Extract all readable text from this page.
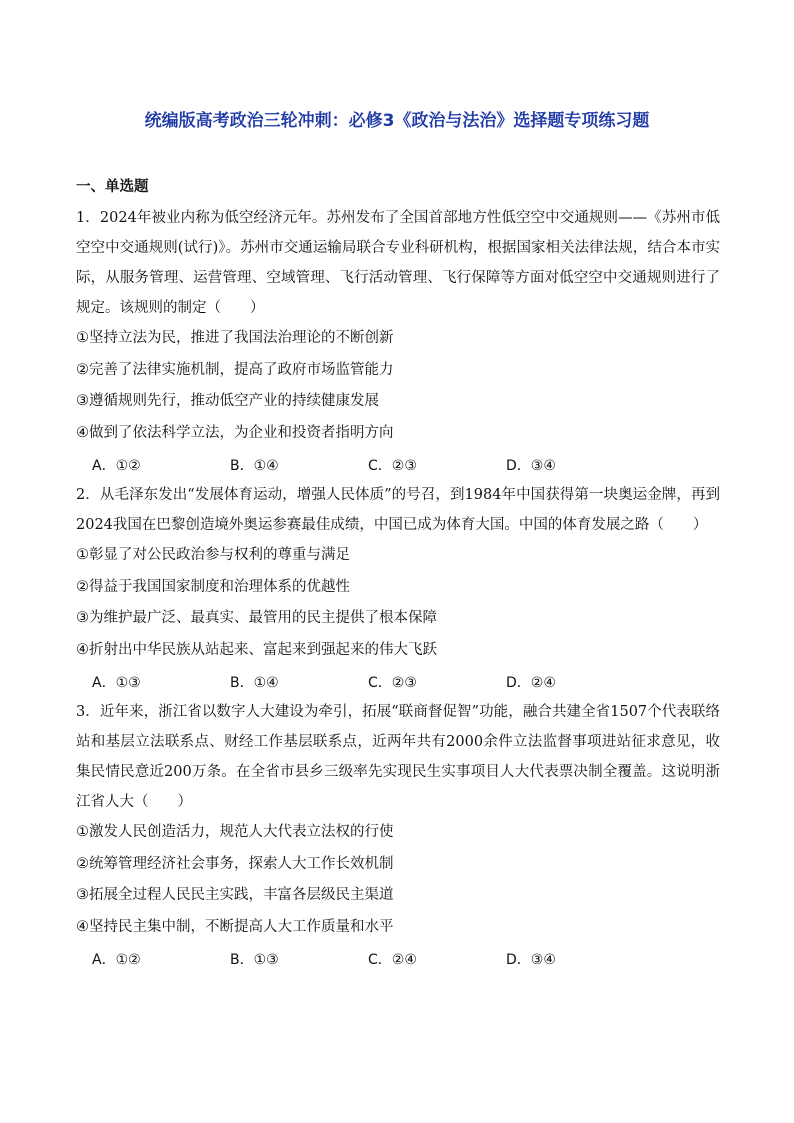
统编版高考政治三轮冲刺：必修3《政治与法治》选择题专项练习题
一、单选题

1．2024年被业内称为低空经济元年。苏州发布了全国首部地方性低空空中交通规则——《苏州市低空空中交通规则(试行)》。苏州市交通运输局联合专业科研机构，根据国家相关法律法规，结合本市实际，从服务管理、运营管理、空域管理、飞行活动管理、飞行保障等方面对低空空中交通规则进行了规定。该规则的制定（　　）

①坚持立法为民，推进了我国法治理论的不断创新

②完善了法律实施机制，提高了政府市场监管能力

③遵循规则先行，推动低空产业的持续健康发展

④做到了依法科学立法，为企业和投资者指明方向

A．①②	B．①④	C．②③	D．③④

2．从毛泽东发出“发展体育运动，增强人民体质”的号召，到1984年中国获得第一块奥运金牌，再到2024我国在巴黎创造境外奥运参赛最佳成绩，中国已成为体育大国。中国的体育发展之路（　　）

①彰显了对公民政治参与权利的尊重与满足

②得益于我国国家制度和治理体系的优越性

③为维护最广泛、最真实、最管用的民主提供了根本保障

④折射出中华民族从站起来、富起来到强起来的伟大飞跃

A．①③	B．①④	C．②③	D．②④

3．近年来，浙江省以数字人大建设为牵引，拓展“联商督促智”功能，融合共建全省1507个代表联络站和基层立法联系点、财经工作基层联系点，近两年共有2000余件立法监督事项进站征求意见，收集民情民意近200万条。在全省市县乡三级率先实现民生实事项目人大代表票决制全覆盖。这说明浙江省人大（　　）

①激发人民创造活力，规范人大代表立法权的行使

②统筹管理经济社会事务，探索人大工作长效机制

③拓展全过程人民民主实践，丰富各层级民主渠道

④坚持民主集中制，不断提高人大工作质量和水平

A．①②	B．①③	C．②④	D．③④
